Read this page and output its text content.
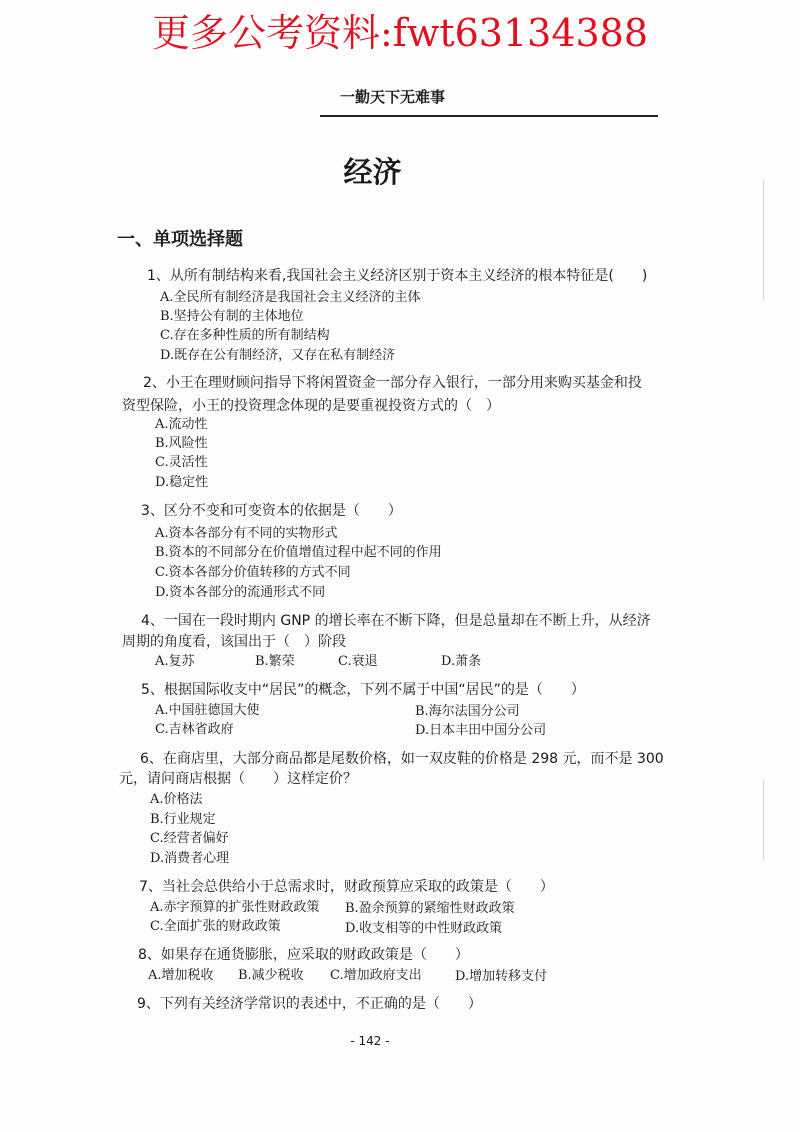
更多公考资料:fwt63134388
一勤天下无难事
经济
一、单项选择题
1、从所有制结构来看,我国社会主义经济区别于资本主义经济的根本特征是(　　)
A.全民所有制经济是我国社会主义经济的主体
B.坚持公有制的主体地位
C.存在多种性质的所有制结构
D.既存在公有制经济，又存在私有制经济
2、小王在理财顾问指导下将闲置资金一部分存入银行，一部分用来购买基金和投
资型保险，小王的投资理念体现的是要重视投资方式的（　）
A.流动性
B.风险性
C.灵活性
D.稳定性
3、区分不变和可变资本的依据是（　　）
A.资本各部分有不同的实物形式
B.资本的不同部分在价值增值过程中起不同的作用
C.资本各部分价值转移的方式不同
D.资本各部分的流通形式不同
4、一国在一段时期内 GNP 的增长率在不断下降，但是总量却在不断上升，从经济
周期的角度看，该国出于（　）阶段
A.复苏	B.繁荣	C.衰退	D.萧条
5、根据国际收支中“居民”的概念，下列不属于中国“居民”的是（　　）
A.中国驻德国大使	B.海尔法国分公司
C.吉林省政府	D.日本丰田中国分公司
6、在商店里，大部分商品都是尾数价格，如一双皮鞋的价格是 298 元，而不是 300
元，请问商店根据（　　）这样定价？
A.价格法
B.行业规定
C.经营者偏好
D.消费者心理
7、当社会总供给小于总需求时，财政预算应采取的政策是（　　）
A.赤字预算的扩张性财政政策 B.盈余预算的紧缩性财政政策
C.全面扩张的财政政策	D.收支相等的中性财政政策
8、如果存在通货膨胀，应采取的财政政策是（　　）
A.增加税收 B.减少税收 C.增加政府支出	D.增加转移支付
9、下列有关经济学常识的表述中，不正确的是（　　）
- 142 -
